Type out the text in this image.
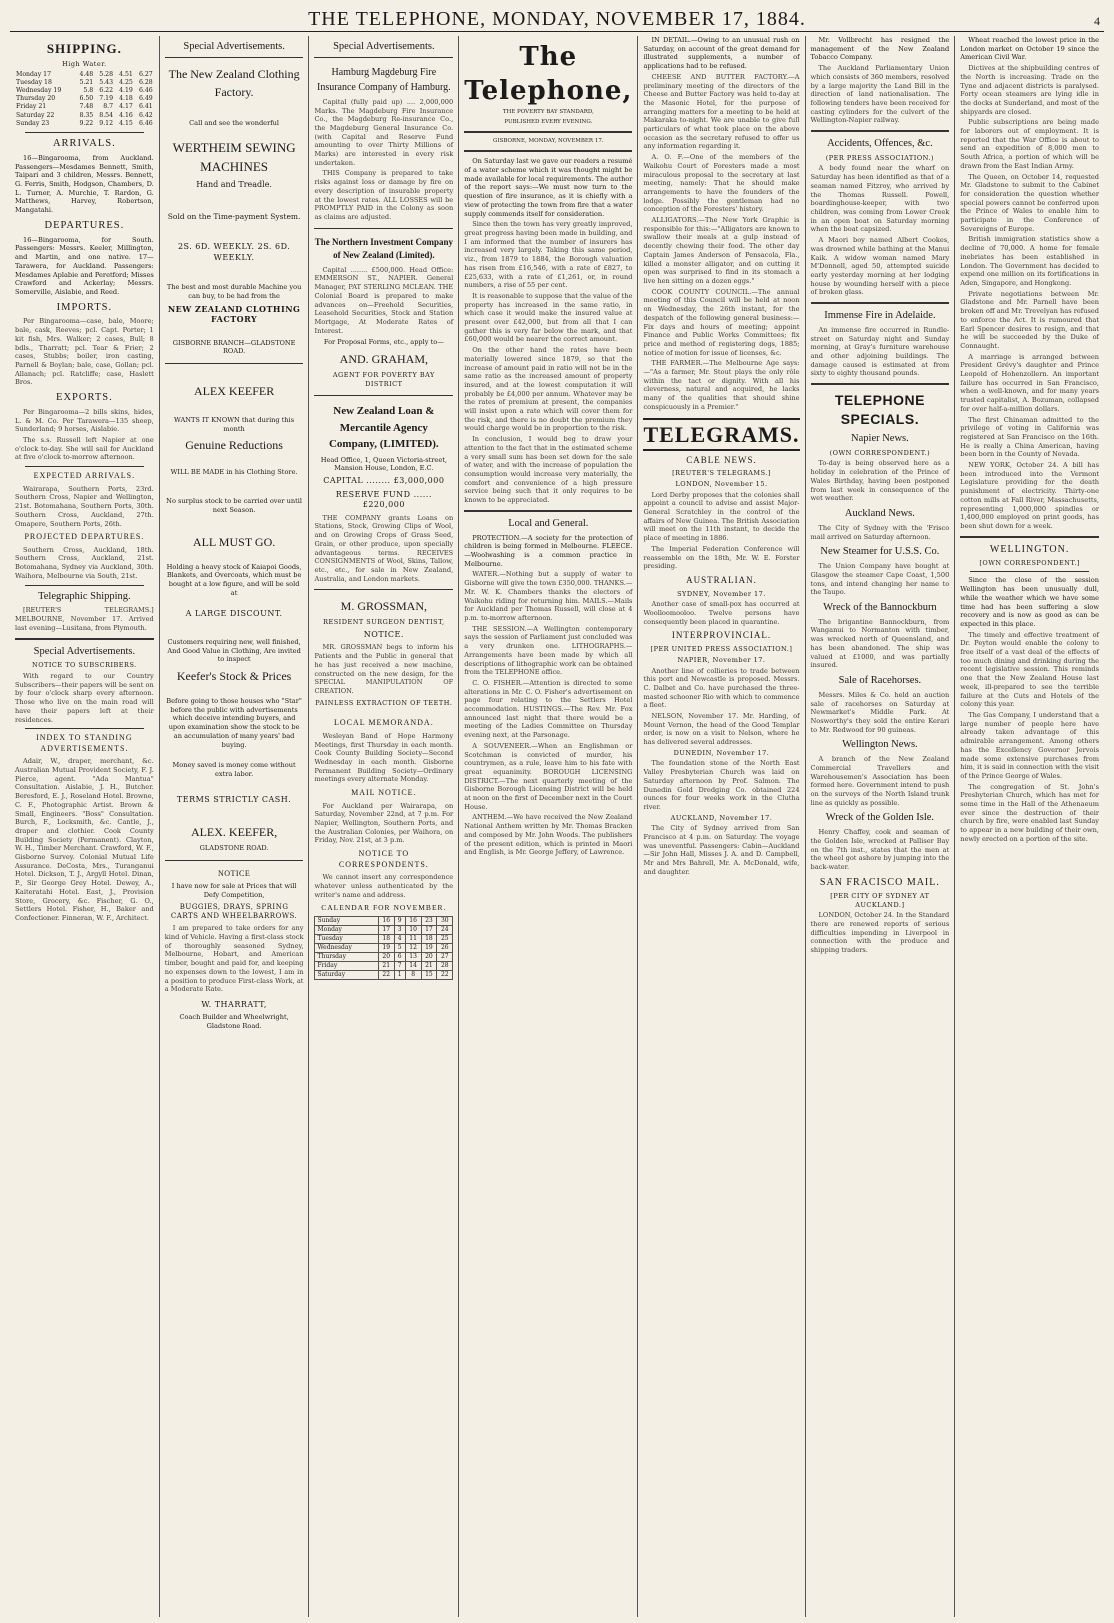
THE TELEPHONE, MONDAY, NOVEMBER 17, 1884.	4
SHIPPING.
High Water.
Monday 17	4.48	5.28	4.51	6.27
Tuesday 18	5.21	5.43	4.25	6.28
Wednesday 19	5.8	6.22	4.19	6.46
Thursday 20	6.50	7.19	4.18	6.49
Friday 21	7.48	8.7	4.17	6.41
Saturday 22	8.35	8.54	4.16	6.42
Sunday 23	9.22	9.12	4.15	6.46
ARRIVALS.

16—Bingarooma, from Auckland. Passengers—Mesdames Bennett, Smith, Taipari and 3 children, Messrs. Bennett, G. Ferris, Smith, Hodgson, Chambers, D. L. Turner, A. Murchie, T. Rardon, G. Matthews, Harvey, Robertson, Mangatahi.

DEPARTURES.

16—Bingarooma, for South. Passengers: Messrs. Keeler, Millington, and Martin, and one native. 17—Tarawera, for Auckland. Passengers: Mesdames Aplabie and Peretford; Misses Crawford and Ackerlay; Messrs. Somerville, Aislabie, and Reed.

IMPORTS.

Per Bingarooma—case, bale, Moore; bale, cask, Reeves; pcl. Capt. Porter; 1 kit fish, Mrs. Walker; 2 cases, Bull; 8 bdls., Tharratt; pcl. Tear & Frier; 2 cases, Stubbs; boiler, iron casting, Parnell & Boylan; bale, case, Gollan; pcl. Allanach; pcl. Ratcliffe; case, Haslett Bros.

EXPORTS.

Per Bingarooma—2 bills skins, hides, L. & M. Co. Per Tarawera—135 sheep, Sunderland; 9 horses, Aislabie.

The s.s. Russell left Napier at one o'clock to-day. She will sail for Auckland at five o'clock to-morrow afternoon.

EXPECTED ARRIVALS.

Wairarapa, Southern Ports, 23rd. Southern Cross, Napier and Wellington, 21st. Botomahana, Southern Ports, 30th. Southern Cross, Auckland, 27th. Omapere, Southern Ports, 26th.

PROJECTED DEPARTURES.

Southern Cross, Auckland, 18th. Southern Cross, Auckland, 21st. Botomahana, Sydney via Auckland, 30th. Waihora, Melbourne via South, 21st.

Telegraphic Shipping.

[REUTER'S TELEGRAMS.] MELBOURNE, November 17. Arrived last evening—Lusitana, from Plymouth.

Special Advertisements.
NOTICE TO SUBSCRIBERS.

With regard to our Country Subscribers—their papers will be sent on by four o'clock sharp every afternoon. Those who live on the main road will have their papers left at their residences.

INDEX TO STANDING ADVERTISEMENTS.

Adair, W., draper, merchant, &c. Australian Mutual Provident Society, F. J. Pierce, agent. "Ada Mantua" Consultation. Aislabie, J. H., Butcher. Beresford, E. J., Roseland Hotel. Browne, C. F., Photographic Artist. Brown & Small, Engineers. "Boss" Consultation. Burch, F., Locksmith, &c. Cantle, J., draper and clothier. Cook County Building Society (Permanent). Clayton, W. H., Timber Merchant. Crawford, W. F., Gisborne Survey. Colonial Mutual Life Assurance. DeCosta, Mrs., Turanganui Hotel. Dickson, T. J., Argyll Hotel. Dinan, P., Sir George Grey Hotel. Dewey, A., Kaiteratahi Hotel. East, J., Provision Store, Grocery, &c. Fischer, G. O., Settlers Hotel. Fisher, H., Baker and Confectioner. Finneran, W. F., Architect.

Special Advertisements.
The New Zealand Clothing Factory.
Call and see the wonderful
WERTHEIM SEWING MACHINES
Hand and Treadle.
Sold on the Time-payment System.
2S. 6D. WEEKLY. 2S. 6D. WEEKLY.
The best and most durable Machine you can buy, to be had from the
NEW ZEALAND CLOTHING FACTORY
GISBORNE BRANCH—GLADSTONE ROAD.
ALEX KEEFER
WANTS IT KNOWN that during this month
Genuine Reductions
WILL BE MADE in his Clothing Store.
No surplus stock to be carried over until next Season.
ALL MUST GO.
Holding a heavy stock of Kaiapoi Goods, Blankets, and Overcoats, which must be bought at a low figure, and will be sold at
A LARGE DISCOUNT.
Customers requiring new, well finished, And Good Value in Clothing, Are invited to inspect
Keefer's Stock & Prices
Before going to those houses who "Star" before the public with advertisements which deceive intending buyers, and upon examination show the stock to be an accumulation of many years' bad buying.
Money saved is money come without extra labor.
TERMS STRICTLY CASH.
ALEX. KEEFER,
GLADSTONE ROAD.
NOTICE
I have now for sale at Prices that will Defy Competition,
BUGGIES, DRAYS, SPRING CARTS AND WHEELBARROWS.

I am prepared to take orders for any kind of Vehicle. Having a first-class stock of thoroughly seasoned Sydney, Melbourne, Hobart, and American timber, bought and paid for, and keeping no expenses down to the lowest, I am in a position to produce First-class Work, at a Moderate Rate.

W. THARRATT,
Coach Builder and Wheelwright, Gladstone Road.
Special Advertisements.
Hamburg Magdeburg Fire Insurance Company of Hamburg.

Capital (fully paid up) .... 2,000,000 Marks. The Magdeburg Fire Insurance Co., the Magdeburg Re-insurance Co., the Magdeburg General Insurance Co. (with Capital and Reserve Fund amounting to over Thirty Millions of Marks) are interested in every risk undertaken.

THIS Company is prepared to take risks against loss or damage by fire on every description of insurable property at the lowest rates. ALL LOSSES will be PROMPTLY PAID in the Colony as soon as claims are adjusted.

The Northern Investment Company of New Zealand (Limited).

Capital ........ £500,000. Head Office: EMMERSON ST., NAPIER. General Manager, PAT STERLING MCLEAN. THE Colonial Board is prepared to make advances on—Freehold Securities, Leasehold Securities, Stock and Station Mortgage, At Moderate Rates of Interest.

For Proposal Forms, etc., apply to—
AND. GRAHAM,
AGENT FOR POVERTY BAY DISTRICT
New Zealand Loan & Mercantile Agency Company, (LIMITED).
Head Office, 1, Queen Victoria-street, Mansion House, London, E.C.
CAPITAL ........ £3,000,000
RESERVE FUND ...... £220,000

THE COMPANY grants Loans on Stations, Stock, Growing Clips of Wool, and on Growing Crops of Grass Seed, Grain, or other produce, upon specially advantageous terms. RECEIVES CONSIGNMENTS of Wool, Skins, Tallow, etc., etc., for sale in New Zealand, Australia, and London markets.

M. GROSSMAN,
RESIDENT SURGEON DENTIST,
NOTICE.

MR. GROSSMAN begs to inform his Patients and the Public in general that he has just received a new machine, constructed on the new design, for the SPECIAL MANIPULATION OF CREATION.

PAINLESS EXTRACTION OF TEETH.
LOCAL MEMORANDA.

Wesleyan Band of Hope Harmony Meetings, first Thursday in each month. Cook County Building Society—Second Wednesday in each month. Gisborne Permanent Building Society—Ordinary meetings every alternate Monday.

MAIL NOTICE.

For Auckland per Wairarapa, on Saturday, November 22nd, at 7 p.m. For Napier, Wellington, Southern Ports, and the Australian Colonies, per Waihora, on Friday, Nov. 21st, at 3 p.m.

NOTICE TO CORRESPONDENTS.

We cannot insert any correspondence whatever unless authenticated by the writer's name and address.

CALENDAR FOR NOVEMBER.
Sunday	16	9	16	23	30
Monday	17	3	10	17	24
Tuesday	18	4	11	18	25
Wednesday	19	5	12	19	26
Thursday	20	6	13	20	27
Friday	21	7	14	21	28
Saturday	22	1	8	15	22
The Telephone,
THE POVERTY BAY STANDARD,
PUBLISHED EVERY EVENING.
GISBORNE, MONDAY, NOVEMBER 17.

On Saturday last we gave our readers a resumé of a water scheme which it was thought might be made available for local requirements. The author of the report says:—We must now turn to the question of fire insurance, as it is chiefly with a view of protecting the town from fire that a water supply commends itself for consideration.

Since then the town has very greatly improved, great progress having been made in building, and I am informed that the number of insurers has increased very largely. Taking this same period, viz., from 1879 to 1884, the Borough valuation has risen from £16,546, with a rate of £827, to £25,633, with a rate of £1,261, or, in round numbers, a rise of 55 per cent.

It is reasonable to suppose that the value of the property has increased in the same ratio, in which case it would make the insured value at present over £42,000, but from all that I can gather this is very far below the mark, and that £60,000 would be nearer the correct amount.

On the other hand the rates have been materially lowered since 1879, so that the increase of amount paid in ratio will not be in the same ratio as the increased amount of property insured, and at the lowest computation it will probably be £4,000 per annum. Whatever may be the rates of premium at present, the companies will insist upon a rate which will cover them for the risk, and there is no doubt the premium they would charge would be in proportion to the risk.

In conclusion, I would beg to draw your attention to the fact that in the estimated scheme a very small sum has been set down for the sale of water, and with the increase of population the consumption would increase very materially, the comfort and convenience of a high pressure service being such that it only requires to be known to be appreciated.

Local and General.

PROTECTION.—A society for the protection of children is being formed in Melbourne. FLEECE.—Woolwashing is a common practice in Melbourne.

WATER.—Nothing but a supply of water to Gisborne will give the town £350,000. THANKS.—Mr. W. K. Chambers thanks the electors of Waikohu riding for returning him. MAILS.—Mails for Auckland per Thomas Russell, will close at 4 p.m. to-morrow afternoon.

THE SESSION.—A Wellington contemporary says the session of Parliament just concluded was a very drunken one. LITHOGRAPHS.—Arrangements have been made by which all descriptions of lithographic work can be obtained from the TELEPHONE office.

C. O. FISHER.—Attention is directed to some alterations in Mr. C. O. Fisher's advertisement on page four relating to the Settlers Hotel accommodation. HUSTINGS.—The Rev. Mr. Fox announced last night that there would be a meeting of the Ladies Committee on Thursday evening next, at the Parsonage.

A SOUVENEER.—When an Englishman or Scotchman is convicted of murder, his countrymen, as a rule, leave him to his fate with great equanimity. BOROUGH LICENSING DISTRICT.—The next quarterly meeting of the Gisborne Borough Licensing District will be held at noon on the first of December next in the Court House.

ANTHEM.—We have received the New Zealand National Anthem written by Mr. Thomas Bracken and composed by Mr. John Woods. The publishers of the present edition, which is printed in Maori and English, is Mr. George Jeffery, of Lawrence.

IN DETAIL.—Owing to an unusual rush on Saturday, on account of the great demand for illustrated supplements, a number of applications had to be refused.

CHEESE AND BUTTER FACTORY.—A preliminary meeting of the directors of the Cheese and Butter Factory was held to-day at the Masonic Hotel, for the purpose of arranging matters for a meeting to be held at Makaraka to-night. We are unable to give full particulars of what took place on the above occasion as the secretary refused to offer us any information regarding it.

A. O. F.—One of the members of the Waikohu Court of Foresters made a most miraculous proposal to the secretary at last meeting, namely: That he should make arrangements to have the founders of the lodge. Possibly the gentleman had no conception of the Foresters' history.

ALLIGATORS.—The New York Graphic is responsible for this:—"Alligators are known to swallow their meals at a gulp instead of decently chewing their food. The other day Captain James Anderson of Pensacola, Fla., killed a monster alligator, and on cutting it open was surprised to find in its stomach a live hen sitting on a dozen eggs."

COOK COUNTY COUNCIL.—The annual meeting of this Council will be held at noon on Wednesday, the 26th instant, for the despatch of the following general business:—Fix days and hours of meeting; appoint Finance and Public Works Committees; fix price and method of registering dogs, 1885; notice of motion for issue of licenses, &c.

THE FARMER.—The Melbourne Age says:—"As a farmer, Mr. Stout plays the only rôle within the tact or dignity. With all his cleverness, natural and acquired, he lacks many of the qualities that should shine conspicuously in a Premier."

TELEGRAMS.
CABLE NEWS.
[REUTER'S TELEGRAMS.]
LONDON, November 15.

Lord Derby proposes that the colonies shall appoint a council to advise and assist Major-General Scratchley in the control of the affairs of New Guinea. The British Association will meet on the 11th instant, to decide the place of meeting in 1886.

The Imperial Federation Conference will reassemble on the 18th, Mr. W. E. Forster presiding.

AUSTRALIAN.
SYDNEY, November 17.

Another case of small-pox has occurred at Woolloomooloo. Twelve persons have consequently been placed in quarantine.

INTERPROVINCIAL.
[PER UNITED PRESS ASSOCIATION.]
NAPIER, November 17.

Another line of collieries to trade between this port and Newcastle is proposed. Messrs. C. Dalbet and Co. have purchased the three-masted schooner Rio with which to commence a fleet.

NELSON, November 17. Mr. Harding, of Mount Vernon, the head of the Good Templar order, is now on a visit to Nelson, where he has delivered several addresses.

DUNEDIN, November 17.

The foundation stone of the North East Valley Presbyterian Church was laid on Saturday afternoon by Prof. Salmon. The Dunedin Gold Dredging Co. obtained 224 ounces for four weeks work in the Clutha river.

AUCKLAND, November 17.

The City of Sydney arrived from San Francisco at 4 p.m. on Saturday. The voyage was uneventful. Passengers: Cabin—Auckland—Sir John Hall, Misses J. A. and D. Campbell, Mr and Mrs Bahrell, Mr. A. McDonald, wife, and daughter.

Mr. Vollbrecht has resigned the management of the New Zealand Tobacco Company.

The Auckland Parliamentary Union which consists of 360 members, resolved by a large majority the Land Bill in the direction of land nationalisation. The following tenders have been received for casting cylinders for the culvert of the Wellington-Napier railway.

Accidents, Offences, &c.
(PER PRESS ASSOCIATION.)

A body found near the wharf on Saturday has been identified as that of a seaman named Fitzroy, who arrived by the Thomas Russell. Powell, boardinghouse-keeper, with two children, was coming from Lower Creek in an open boat on Saturday morning when the boat capsized.

A Maori boy named Albert Cookes, was drowned while bathing at the Manui Kaik. A widow woman named Mary M'Donnell, aged 50, attempted suicide early yesterday morning at her lodging house by wounding herself with a piece of broken glass.

Immense Fire in Adelaide.

An immense fire occurred in Rundle-street on Saturday night and Sunday morning, at Gray's furniture warehouse and other adjoining buildings. The damage caused is estimated at from sixty to eighty thousand pounds.

TELEPHONE SPECIALS.
Napier News.
(OWN CORRESPONDENT.)

To-day is being observed here as a holiday in celebration of the Prince of Wales Birthday, having been postponed from last week in consequence of the wet weather.

Auckland News.

The City of Sydney with the 'Frisco mail arrived on Saturday afternoon.

New Steamer for U.S.S. Co.

The Union Company have bought at Glasgow the steamer Cape Coast, 1,500 tons, and intend changing her name to the Taupo.

Wreck of the Bannockburn

The brigantine Bannockburn, from Wanganui to Normanton with timber, was wrecked north of Queensland, and has been abandoned. The ship was valued at £1000, and was partially insured.

Sale of Racehorses.

Messrs. Miles & Co. held an auction sale of racehorses on Saturday at Newmarket's Middle Park. At Nosworthy's they sold the entire Kerari to Mr. Redwood for 90 guineas.

Wellington News.

A branch of the New Zealand Commercial Travellers and Warehousemen's Association has been formed here. Government intend to push on the surveys of the North Island trunk line as quickly as possible.

Wreck of the Golden Isle.

Henry Chaffey, cook and seaman of the Golden Isle, wrecked at Palliser Bay on the 7th inst., states that the men at the wheel got ashore by jumping into the back-water.

SAN FRACISCO MAIL.
[PER CITY OF SYDNEY AT AUCKLAND.]

LONDON, October 24. In the Standard there are renewed reports of serious difficulties impending in Liverpool in connection with the produce and shipping traders.

Wheat reached the lowest price in the London market on October 19 since the American Civil War.

Dictives at the shipbuilding centres of the North is increasing. Trade on the Tyne and adjacent districts is paralysed. Forty ocean steamers are lying idle in the docks at Sunderland, and most of the shipyards are closed.

Public subscriptions are being made for laborers out of employment. It is reported that the War Office is about to send an expedition of 8,000 men to South Africa, a portion of which will be drawn from the East Indian Army.

The Queen, on October 14, requested Mr. Gladstone to submit to the Cabinet for consideration the question whether special powers cannot be conferred upon the Prince of Wales to enable him to participate in the Conference of Sovereigns of Europe.

British immigration statistics show a decline of 70,000. A home for female inebriates has been established in London. The Government has decided to expend one million on its fortifications in Aden, Singapore, and Hongkong.

Private negotiations between Mr. Gladstone and Mr. Parnell have been broken off and Mr. Trevelyan has refused to enforce the Act. It is rumoured that Earl Spencer desires to resign, and that he will be succeeded by the Duke of Connaught.

A marriage is arranged between President Grévy's daughter and Prince Leopold of Hohenzollern. An important failure has occurred in San Francisco, when a well-known, and for many years trusted capitalist, A. Bozuman, collapsed for over half-a-million dollars.

The first Chinaman admitted to the privilege of voting in California was registered at San Francisco on the 16th. He is really a China American, having been born in the County of Nevada.

NEW YORK, October 24. A bill has been introduced into the Vermont Legislature providing for the death punishment of electricity. Thirty-one cotton mills at Fall River, Massachusetts, representing 1,000,000 spindles or 1,400,000 employed on print goods, has been shut down for a week.

WELLINGTON.
[OWN CORRESPONDENT.]

Since the close of the session Wellington has been unusually dull, while the weather which we have some time had has been suffering a slow recovery and is now as good as can be expected in this place.

The timely and effective treatment of Dr. Peyton would enable the colony to free itself of a vast deal of the effects of too much dining and drinking during the recent legislative session. This reminds one that the New Zealand House last week, ill-prepared to see the terrible failure at the Cuts and Hotels of the colony this year.

The Gas Company, I understand that a large number of people here have already taken advantage of this admirable arrangement. Among others has the Excellency Governor Jervois made some extensive purchases from him, it is said in connection with the visit of the Prince George of Wales.

The congregation of St. John's Presbyterian Church, which has met for some time in the Hall of the Athenaeum ever since the destruction of their church by fire, were enabled last Sunday to appear in a new building of their own, newly erected on a portion of the site.
